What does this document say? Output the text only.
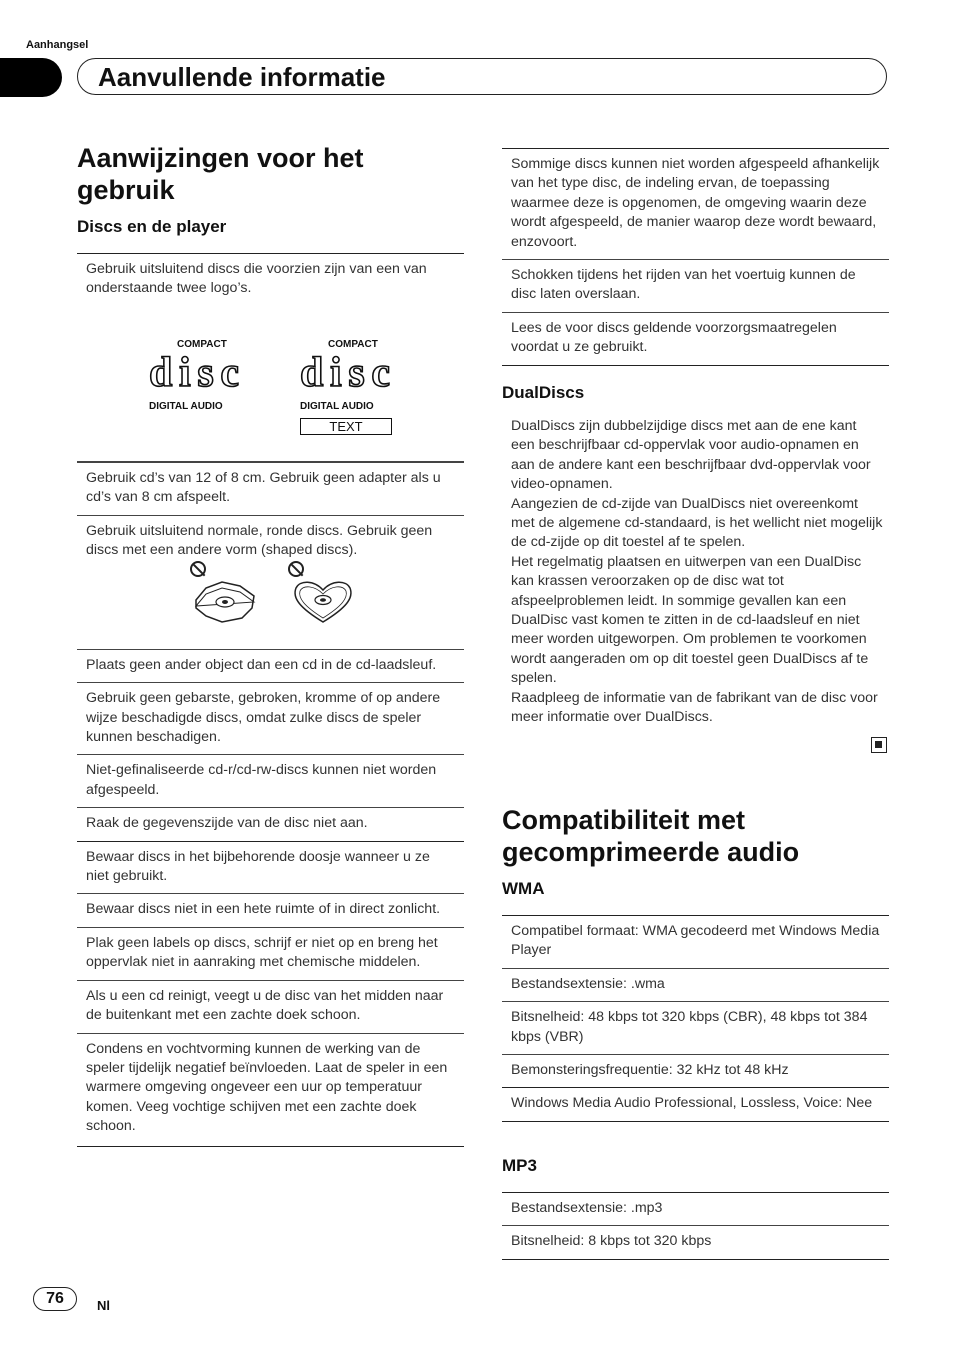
Aanhangsel
Aanvullende informatie
Aanwijzingen voor het
gebruik
Discs en de player
Gebruik uitsluitend discs die voorzien zijn van een van onderstaande twee logo’s.
COMPACT
disc
DIGITAL AUDIO
COMPACT
disc
DIGITAL AUDIO
TEXT
Gebruik cd’s van 12 of 8 cm. Gebruik geen adapter als u cd’s van 8 cm afspeelt.
Gebruik uitsluitend normale, ronde discs. Gebruik geen discs met een andere vorm (shaped discs).
Plaats geen ander object dan een cd in de cd-laadsleuf.
Gebruik geen gebarste, gebroken, kromme of op andere wijze beschadigde discs, omdat zulke discs de speler kunnen beschadigen.
Niet-gefinaliseerde cd-r/cd-rw-discs kunnen niet worden afgespeeld.
Raak de gegevenszijde van de disc niet aan.
Bewaar discs in het bijbehorende doosje wanneer u ze niet gebruikt.
Bewaar discs niet in een hete ruimte of in direct zonlicht.
Plak geen labels op discs, schrijf er niet op en breng het oppervlak niet in aanraking met chemische middelen.
Als u een cd reinigt, veegt u de disc van het midden naar de buitenkant met een zachte doek schoon.
Condens en vochtvorming kunnen de werking van de speler tijdelijk negatief beïnvloeden. Laat de speler in een warmere omgeving ongeveer een uur op temperatuur komen. Veeg vochtige schijven met een zachte doek schoon.
Sommige discs kunnen niet worden afgespeeld afhankelijk van het type disc, de indeling ervan, de toepassing waarmee deze is opgenomen, de omgeving waarin deze wordt afgespeeld, de manier waarop deze wordt bewaard, enzovoort.
Schokken tijdens het rijden van het voertuig kunnen de disc laten overslaan.
Lees de voor discs geldende voorzorgsmaatregelen voordat u ze gebruikt.
DualDiscs
DualDiscs zijn dubbelzijdige discs met aan de ene kant een beschrijfbaar cd-oppervlak voor audio-opnamen en aan de andere kant een beschrijfbaar dvd-oppervlak voor video-opnamen.
Aangezien de cd-zijde van DualDiscs niet overeenkomt met de algemene cd-standaard, is het wellicht niet mogelijk de cd-zijde op dit toestel af te spelen.
Het regelmatig plaatsen en uitwerpen van een DualDisc kan krassen veroorzaken op de disc wat tot afspeelproblemen leidt. In sommige gevallen kan een DualDisc vast komen te zitten in de cd-laadsleuf en niet meer worden uitgeworpen. Om problemen te voorkomen wordt aangeraden om op dit toestel geen DualDiscs af te spelen.
Raadpleeg de informatie van de fabrikant van de disc voor meer informatie over DualDiscs.
Compatibiliteit met
gecomprimeerde audio
WMA
Compatibel formaat: WMA gecodeerd met Windows Media Player
Bestandsextensie: .wma
Bitsnelheid: 48 kbps tot 320 kbps (CBR), 48 kbps tot 384 kbps (VBR)
Bemonsteringsfrequentie: 32 kHz tot 48 kHz
Windows Media Audio Professional, Lossless, Voice: Nee
MP3
Bestandsextensie: .mp3
Bitsnelheid: 8 kbps tot 320 kbps
76	Nl
